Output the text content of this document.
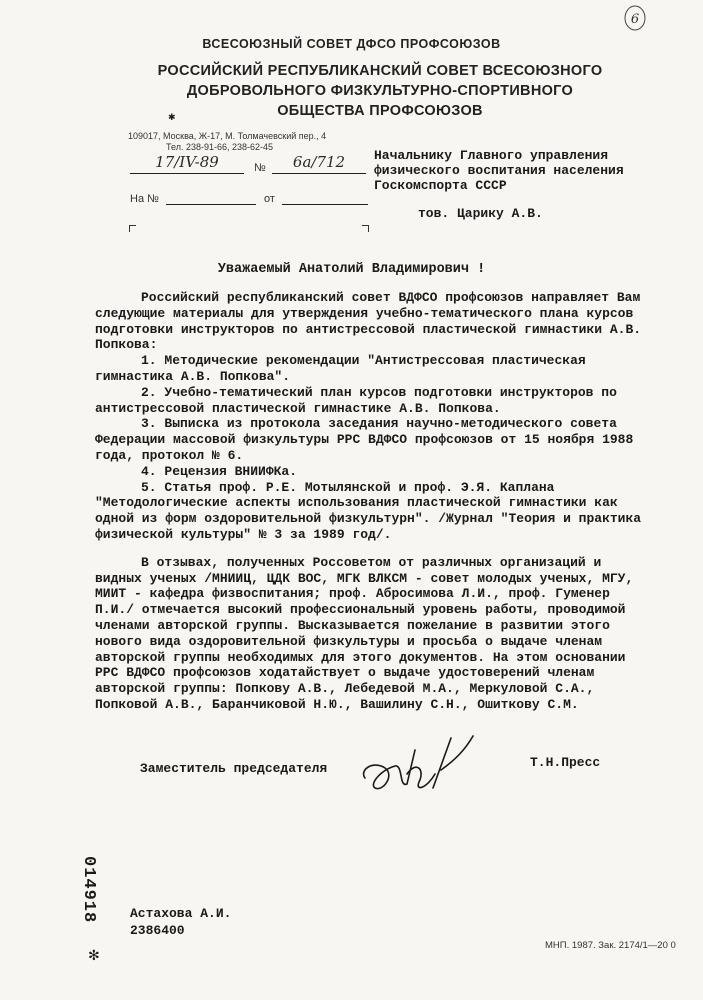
6
ВСЕСОЮЗНЫЙ СОВЕТ ДФСО ПРОФСОЮЗОВ
РОССИЙСКИЙ РЕСПУБЛИКАНСКИЙ СОВЕТ ВСЕСОЮЗНОГО
ДОБРОВОЛЬНОГО ФИЗКУЛЬТУРНО-СПОРТИВНОГО
ОБЩЕСТВА ПРОФСОЮЗОВ
✱
109017, Москва, Ж-17, М. Толмачевский пер., 4
Тел. 238-91-66, 238-62-45
17/IV-89	№	6а/712
На №	от
Начальнику Главного управления
физического воспитания населения
Госкомспорта СССР
тов. Царику А.В.
Уважаемый Анатолий Владимирович !

Российский республиканский совет ВДФСО профсоюзов направляет Вам следующие материалы для утверждения учебно-тематического плана курсов подготовки инструкторов по антистрессовой пластической гимнастики А.В. Попкова:

1. Методические рекомендации "Антистрессовая пластическая гимнастика А.В. Попкова".

2. Учебно-тематический план курсов подготовки инструкторов по антистрессовой пластической гимнастике А.В. Попкова.

3. Выписка из протокола заседания научно-методического совета Федерации массовой физкультуры РРС ВДФСО профсоюзов от 15 ноября 1988 года, протокол № 6.

4. Рецензия ВНИИФКа.

5. Статья проф. Р.Е. Мотылянской и проф. Э.Я. Каплана "Методологические аспекты использования пластической гимнастики как одной из форм оздоровительной физкультурн". /Журнал "Теория и практика физической культуры" № 3 за 1989 год/.

В отзывах, полученных Россоветом от различных организаций и видных ученых /МНИИЦ, ЦДК ВОС, МГК ВЛКСМ - совет молодых ученых, МГУ, МИИТ - кафедра физвоспитания; проф. Абросимова Л.И., проф. Гуменер П.И./ отмечается высокий профессиональный уровень работы, проводимой членами авторской группы. Высказывается пожелание в развитии этого нового вида оздоровительной физкультуры и просьба о выдаче членам авторской группы необходимых для этого документов. На этом основании РРС ВДФСО профсоюзов ходатайствует о выдаче удостоверений членам авторской группы: Попкову А.В., Лебедевой М.А., Меркуловой С.А., Попковой А.В., Баранчиковой Н.Ю., Вашилину С.Н., Ошиткову С.М.

Заместитель председателя	Т.Н.Пресс
014918
✻
Астахова А.И.
2386400
МНП. 1987. Зак. 2174/1—20 0
